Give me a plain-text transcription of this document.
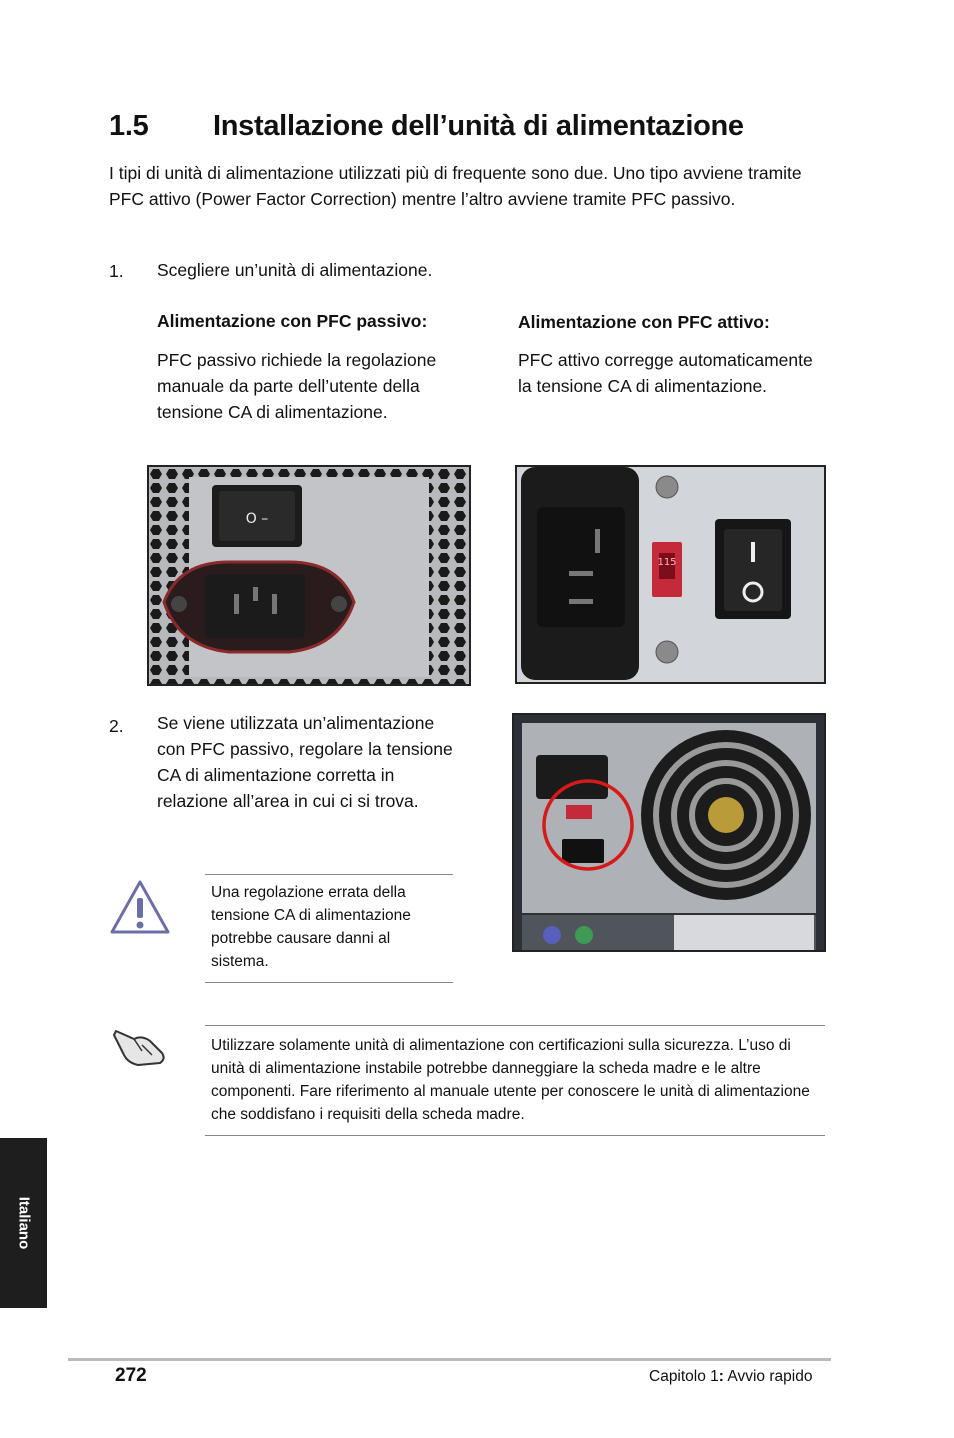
1.5 Installazione dell’unità di alimentazione
I tipi di unità di alimentazione utilizzati più di frequente sono due. Uno tipo avviene tramite PFC attivo (Power Factor Correction) mentre l’altro avviene tramite PFC passivo.
1. Scegliere un’unità di alimentazione.
Alimentazione con PFC passivo:
PFC passivo richiede la regolazione manuale da parte dell’utente della tensione CA di alimentazione.
Alimentazione con PFC attivo:
PFC attivo corregge automaticamente la tensione CA di alimentazione.
O –
115
2. Se viene utilizzata un’alimentazione con PFC passivo, regolare la tensione CA di alimentazione corretta in relazione all’area in cui ci si trova.
Una regolazione errata della tensione CA di alimentazione potrebbe causare danni al sistema.
Utilizzare solamente unità di alimentazione con certificazioni sulla sicurezza. L’uso di unità di alimentazione instabile potrebbe danneggiare la scheda madre e le altre componenti. Fare riferimento al manuale utente per conoscere le unità di alimentazione che soddisfano i requisiti della scheda madre.
Italiano
272	Capitolo 1: Avvio rapido
